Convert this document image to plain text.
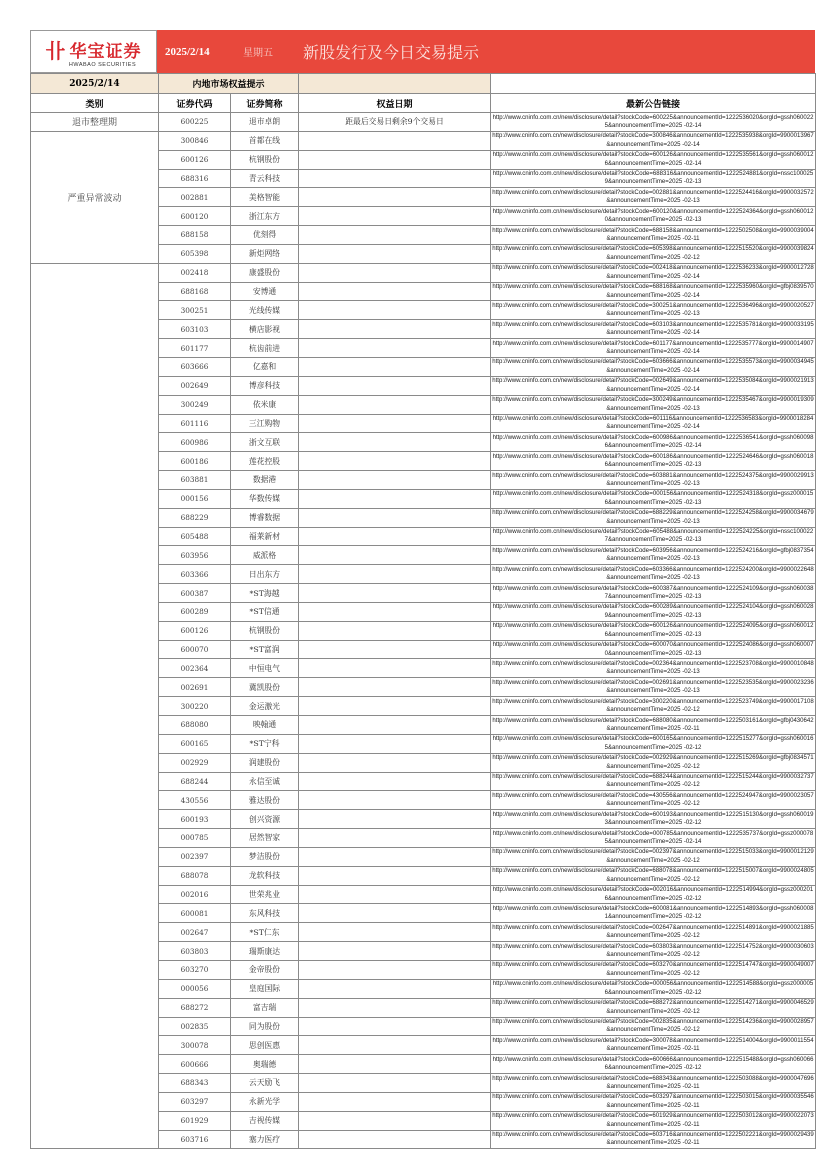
卝 华宝证券
HWABAO SECURITIES
2025/2/14	星期五	新股发行及今日交易提示
2025/2/14	内地市场权益提示			
类别	证券代码	证券简称	权益日期	最新公告链接
退市整理期	600225	退市卓朗	距最后交易日剩余9个交易日	http://www.cninfo.com.cn/new/disclosure/detail?stockCode=600225&announcementId=1222536020&orgId=gssh0600225&announcementTime=2025 -02-14
严重异常波动	300846	首都在线		http://www.cninfo.com.cn/new/disclosure/detail?stockCode=300846&announcementId=1222535938&orgId=9900013967&announcementTime=2025 -02-14
	600126	杭钢股份		http://www.cninfo.com.cn/new/disclosure/detail?stockCode=600126&announcementId=1222535561&orgId=gssh0600126&announcementTime=2025 -02-14
	688316	青云科技		http://www.cninfo.com.cn/new/disclosure/detail?stockCode=688316&announcementId=1222524881&orgId=nssc1000259&announcementTime=2025 -02-13
	002881	美格智能		http://www.cninfo.com.cn/new/disclosure/detail?stockCode=002881&announcementId=1222524416&orgId=9900032572&announcementTime=2025 -02-13
	600120	浙江东方		http://www.cninfo.com.cn/new/disclosure/detail?stockCode=600120&announcementId=1222524364&orgId=gssh0600120&announcementTime=2025 -02-13
	688158	优刻得		http://www.cninfo.com.cn/new/disclosure/detail?stockCode=688158&announcementId=1222502508&orgId=9900039004&announcementTime=2025 -02-11
	605398	新炬网络		http://www.cninfo.com.cn/new/disclosure/detail?stockCode=605398&announcementId=1222515520&orgId=9900039824&announcementTime=2025 -02-12
	002418	康盛股份		http://www.cninfo.com.cn/new/disclosure/detail?stockCode=002418&announcementId=1222536233&orgId=9900012728&announcementTime=2025 -02-14
	688168	安博通		http://www.cninfo.com.cn/new/disclosure/detail?stockCode=688168&announcementId=1222535960&orgId=gfbj0839570&announcementTime=2025 -02-14
	300251	光线传媒		http://www.cninfo.com.cn/new/disclosure/detail?stockCode=300251&announcementId=1222536496&orgId=9900020527&announcementTime=2025 -02-13
	603103	横店影视		http://www.cninfo.com.cn/new/disclosure/detail?stockCode=603103&announcementId=1222535781&orgId=9900033195&announcementTime=2025 -02-14
	601177	杭齿前进		http://www.cninfo.com.cn/new/disclosure/detail?stockCode=601177&announcementId=1222535777&orgId=9900014907&announcementTime=2025 -02-14
	603666	亿嘉和		http://www.cninfo.com.cn/new/disclosure/detail?stockCode=603666&announcementId=1222535573&orgId=9900034945&announcementTime=2025 -02-14
	002649	博彦科技		http://www.cninfo.com.cn/new/disclosure/detail?stockCode=002649&announcementId=1222535084&orgId=9900021913&announcementTime=2025 -02-14
	300249	依米康		http://www.cninfo.com.cn/new/disclosure/detail?stockCode=300249&announcementId=1222535467&orgId=9900019309&announcementTime=2025 -02-13
	601116	三江购物		http://www.cninfo.com.cn/new/disclosure/detail?stockCode=601116&announcementId=1222536583&orgId=9900018284&announcementTime=2025 -02-14
	600986	浙文互联		http://www.cninfo.com.cn/new/disclosure/detail?stockCode=600986&announcementId=1222536541&orgId=gssh0600986&announcementTime=2025 -02-14
	600186	莲花控股		http://www.cninfo.com.cn/new/disclosure/detail?stockCode=600186&announcementId=1222524646&orgId=gssh0600186&announcementTime=2025 -02-13
	603881	数据港		http://www.cninfo.com.cn/new/disclosure/detail?stockCode=603881&announcementId=1222524375&orgId=9900029913&announcementTime=2025 -02-13
	000156	华数传媒		http://www.cninfo.com.cn/new/disclosure/detail?stockCode=000156&announcementId=1222524318&orgId=gssz0000156&announcementTime=2025 -02-13
	688229	博睿数据		http://www.cninfo.com.cn/new/disclosure/detail?stockCode=688229&announcementId=1222524258&orgId=9900034679&announcementTime=2025 -02-13
	605488	福莱新材		http://www.cninfo.com.cn/new/disclosure/detail?stockCode=605488&announcementId=1222524225&orgId=nssc1000227&announcementTime=2025 -02-13
	603956	威派格		http://www.cninfo.com.cn/new/disclosure/detail?stockCode=603956&announcementId=1222524216&orgId=gfbj0837354&announcementTime=2025 -02-13
	603366	日出东方		http://www.cninfo.com.cn/new/disclosure/detail?stockCode=603366&announcementId=1222524200&orgId=9900022648&announcementTime=2025 -02-13
	600387	*ST海越		http://www.cninfo.com.cn/new/disclosure/detail?stockCode=600387&announcementId=1222524109&orgId=gssh0600387&announcementTime=2025 -02-13
	600289	*ST信通		http://www.cninfo.com.cn/new/disclosure/detail?stockCode=600289&announcementId=1222524104&orgId=gssh0600289&announcementTime=2025 -02-13
	600126	杭钢股份		http://www.cninfo.com.cn/new/disclosure/detail?stockCode=600126&announcementId=1222524095&orgId=gssh0600126&announcementTime=2025 -02-13
	600070	*ST富润		http://www.cninfo.com.cn/new/disclosure/detail?stockCode=600070&announcementId=1222524086&orgId=gssh0600070&announcementTime=2025 -02-13
	002364	中恒电气		http://www.cninfo.com.cn/new/disclosure/detail?stockCode=002364&announcementId=1222523708&orgId=9900010848&announcementTime=2025 -02-13
	002691	冀凯股份		http://www.cninfo.com.cn/new/disclosure/detail?stockCode=002691&announcementId=1222523535&orgId=9900023236&announcementTime=2025 -02-13
	300220	金运激光		http://www.cninfo.com.cn/new/disclosure/detail?stockCode=300220&announcementId=1222523749&orgId=9900017108&announcementTime=2025 -02-12
	688080	映翰通		http://www.cninfo.com.cn/new/disclosure/detail?stockCode=688080&announcementId=1222503161&orgId=gfbj0430642&announcementTime=2025 -02-11
	600165	*ST宁科		http://www.cninfo.com.cn/new/disclosure/detail?stockCode=600165&announcementId=1222515277&orgId=gssh0600165&announcementTime=2025 -02-12
	002929	润建股份		http://www.cninfo.com.cn/new/disclosure/detail?stockCode=002929&announcementId=1222515269&orgId=gfbj0834571&announcementTime=2025 -02-12
	688244	永信至诚		http://www.cninfo.com.cn/new/disclosure/detail?stockCode=688244&announcementId=1222515244&orgId=9900032737&announcementTime=2025 -02-12
	430556	雅达股份		http://www.cninfo.com.cn/new/disclosure/detail?stockCode=430556&announcementId=1222524947&orgId=9900023057&announcementTime=2025 -02-12
	600193	创兴资源		http://www.cninfo.com.cn/new/disclosure/detail?stockCode=600193&announcementId=1222515130&orgId=gssh0600193&announcementTime=2025 -02-12
	000785	居然智家		http://www.cninfo.com.cn/new/disclosure/detail?stockCode=000785&announcementId=1222535737&orgId=gssz0000785&announcementTime=2025 -02-14
	002397	梦洁股份		http://www.cninfo.com.cn/new/disclosure/detail?stockCode=002397&announcementId=1222515033&orgId=9900012129&announcementTime=2025 -02-12
	688078	龙软科技		http://www.cninfo.com.cn/new/disclosure/detail?stockCode=688078&announcementId=1222515007&orgId=9900024805&announcementTime=2025 -02-12
	002016	世荣兆业		http://www.cninfo.com.cn/new/disclosure/detail?stockCode=002016&announcementId=1222514994&orgId=gssz0002016&announcementTime=2025 -02-12
	600081	东风科技		http://www.cninfo.com.cn/new/disclosure/detail?stockCode=600081&announcementId=1222514893&orgId=gssh0600081&announcementTime=2025 -02-12
	002647	*ST仁东		http://www.cninfo.com.cn/new/disclosure/detail?stockCode=002647&announcementId=1222514891&orgId=9900021885&announcementTime=2025 -02-12
	603803	瑞斯康达		http://www.cninfo.com.cn/new/disclosure/detail?stockCode=603803&announcementId=1222514752&orgId=9900030603&announcementTime=2025 -02-12
	603270	金帝股份		http://www.cninfo.com.cn/new/disclosure/detail?stockCode=603270&announcementId=1222514747&orgId=9900049007&announcementTime=2025 -02-12
	000056	皇庭国际		http://www.cninfo.com.cn/new/disclosure/detail?stockCode=000056&announcementId=1222514588&orgId=gssz0000056&announcementTime=2025 -02-12
	688272	富吉瑞		http://www.cninfo.com.cn/new/disclosure/detail?stockCode=688272&announcementId=1222514271&orgId=9900046529&announcementTime=2025 -02-12
	002835	同为股份		http://www.cninfo.com.cn/new/disclosure/detail?stockCode=002835&announcementId=1222514236&orgId=9900028957&announcementTime=2025 -02-12
	300078	思创医惠		http://www.cninfo.com.cn/new/disclosure/detail?stockCode=300078&announcementId=1222514004&orgId=9900011554&announcementTime=2025 -02-11
	600666	奥瑞德		http://www.cninfo.com.cn/new/disclosure/detail?stockCode=600666&announcementId=1222515488&orgId=gssh0600666&announcementTime=2025 -02-12
	688343	云天励飞		http://www.cninfo.com.cn/new/disclosure/detail?stockCode=688343&announcementId=1222503088&orgId=9900047696&announcementTime=2025 -02-11
	603297	永新光学		http://www.cninfo.com.cn/new/disclosure/detail?stockCode=603297&announcementId=1222503015&orgId=9900035546&announcementTime=2025 -02-11
	601929	吉视传媒		http://www.cninfo.com.cn/new/disclosure/detail?stockCode=601929&announcementId=1222503012&orgId=9900022073&announcementTime=2025 -02-11
	603716	塞力医疗		http://www.cninfo.com.cn/new/disclosure/detail?stockCode=603716&announcementId=1222502221&orgId=9900029439&announcementTime=2025 -02-11
